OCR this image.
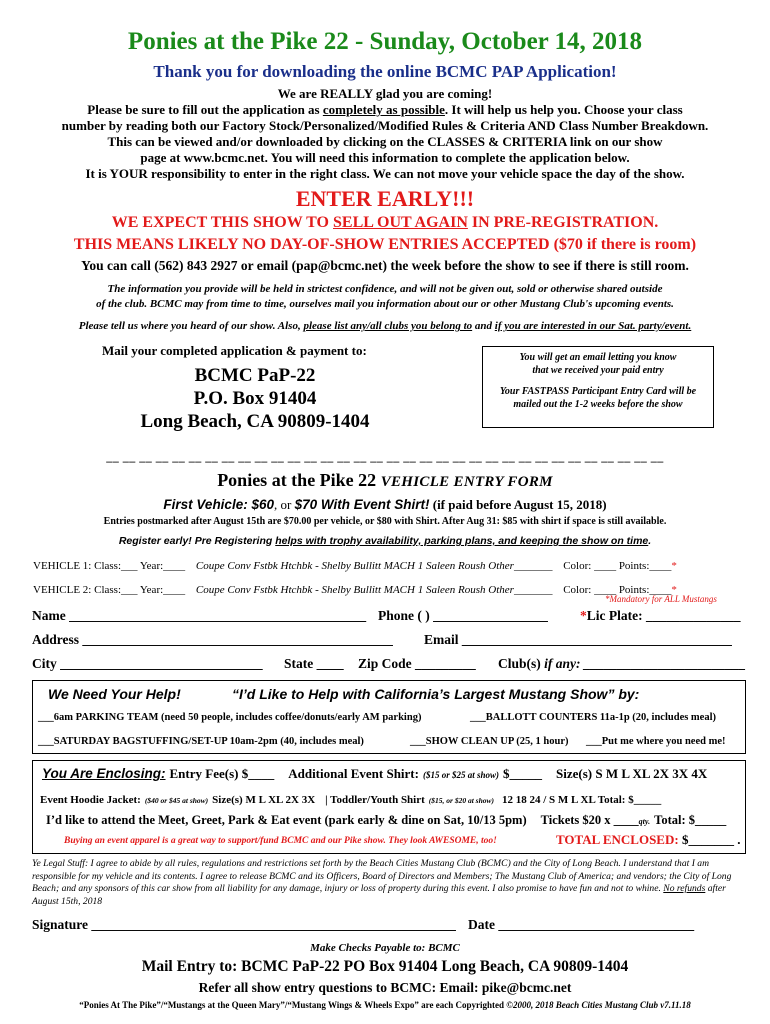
Ponies at the Pike 22 - Sunday, October 14, 2018
Thank you for downloading the online BCMC PAP Application!
We are REALLY glad you are coming!
Please be sure to fill out the application as completely as possible. It will help us help you. Choose your class
number by reading both our Factory Stock/Personalized/Modified Rules & Criteria AND Class Number Breakdown.
This can be viewed and/or downloaded by clicking on the CLASSES & CRITERIA link on our show
page at www.bcmc.net. You will need this information to complete the application below.
It is YOUR responsibility to enter in the right class. We can not move your vehicle space the day of the show.
ENTER EARLY!!!
WE EXPECT THIS SHOW TO SELL OUT AGAIN IN PRE-REGISTRATION.
THIS MEANS LIKELY NO DAY-OF-SHOW ENTRIES ACCEPTED ($70 if there is room)
You can call (562) 843 2927 or email (pap@bcmc.net) the week before the show to see if there is still room.
The information you provide will be held in strictest confidence, and will not be given out, sold or otherwise shared outside
of the club. BCMC may from time to time, ourselves mail you information about our or other Mustang Club's upcoming events.
Please tell us where you heard of our show. Also, please list any/all clubs you belong to and if you are interested in our Sat. party/event.
Mail your completed application & payment to:
BCMC PaP-22
P.O. Box 91404
Long Beach, CA 90809-1404
You will get an email letting you know that we received your paid entry
Your FASTPASS Participant Entry Card will be mailed out the 1-2 weeks before the show
__ __ __ __ __ __ __ __ __ __ __ __ __ __ __ __ __ __ __ __ __ __ __ __ __ __ __ __ __ __ __ __ __ __
Ponies at the Pike 22 VEHICLE ENTRY FORM
First Vehicle: $60, or $70 With Event Shirt! (if paid before August 15, 2018)
Entries postmarked after August 15th are $70.00 per vehicle, or $80 with Shirt. After Aug 31: $85 with shirt if space is still available.
Register early! Pre Registering helps with trophy availability, parking plans, and keeping the show on time.
VEHICLE 1: Class:___ Year:____ Coupe Conv Fstbk Htchbk - Shelby Bullitt MACH 1 Saleen Roush Other_______ Color: ____ Points:____*
VEHICLE 2: Class:___ Year:____ Coupe Conv Fstbk Htchbk - Shelby Bullitt MACH 1 Saleen Roush Other_______ Color: ____ Points:____*
*Mandatory for ALL Mustangs
Name ____________________________________________ Phone ( ) _________________ *Lic Plate: ______________
Address ______________________________________________ Email ________________________________________
City ______________________________ State ____ Zip Code _________ Club(s) if any: ________________________
We Need Your Help!	“I’d Like to Help with California’s Largest Mustang Show” by:
___6am PARKING TEAM (need 50 people, includes coffee/donuts/early AM parking)	___BALLOTT COUNTERS 11a-1p (20, includes meal)
___SATURDAY BAGSTUFFING/SET-UP 10am-2pm (40, includes meal)	___SHOW CLEAN UP (25, 1 hour) ___Put me where you need me!
You Are Enclosing: Entry Fee(s) $____ Additional Event Shirt: ($15 or $25 at show) $_____ Size(s) S M L XL 2X 3X 4X
Event Hoodie Jacket: ($40 or $45 at show) Size(s) M L XL 2X 3X | Toddler/Youth Shirt ($15, or $20 at show) 12 18 24 / S M L XL Total: $_____
I’d like to attend the Meet, Greet, Park & Eat event (park early & dine on Sat, 10/13 5pm) Tickets $20 x ____qty. Total: $_____
Buying an event apparel is a great way to support/fund BCMC and our Pike show. They look AWESOME, too!	TOTAL ENCLOSED: $_______ .
Ye Legal Stuff: I agree to abide by all rules, regulations and restrictions set forth by the Beach Cities Mustang Club (BCMC) and the City of Long Beach. I understand that I am responsible for my vehicle and its contents. I agree to release BCMC and its Officers, Board of Directors and Members; The Mustang Club of America; and vendors; the City of Long Beach; and any sponsors of this car show from all liability for any damage, injury or loss of property during this event. I also promise to have fun and not to whine. No refunds after August 15th, 2018
Signature ______________________________________________________ Date _____________________________
Make Checks Payable to: BCMC
Mail Entry to: BCMC PaP-22 PO Box 91404 Long Beach, CA 90809-1404
Refer all show entry questions to BCMC: Email: pike@bcmc.net
“Ponies At The Pike”/“Mustangs at the Queen Mary”/“Mustang Wings & Wheels Expo” are each Copyrighted ©2000, 2018 Beach Cities Mustang Club v7.11.18
